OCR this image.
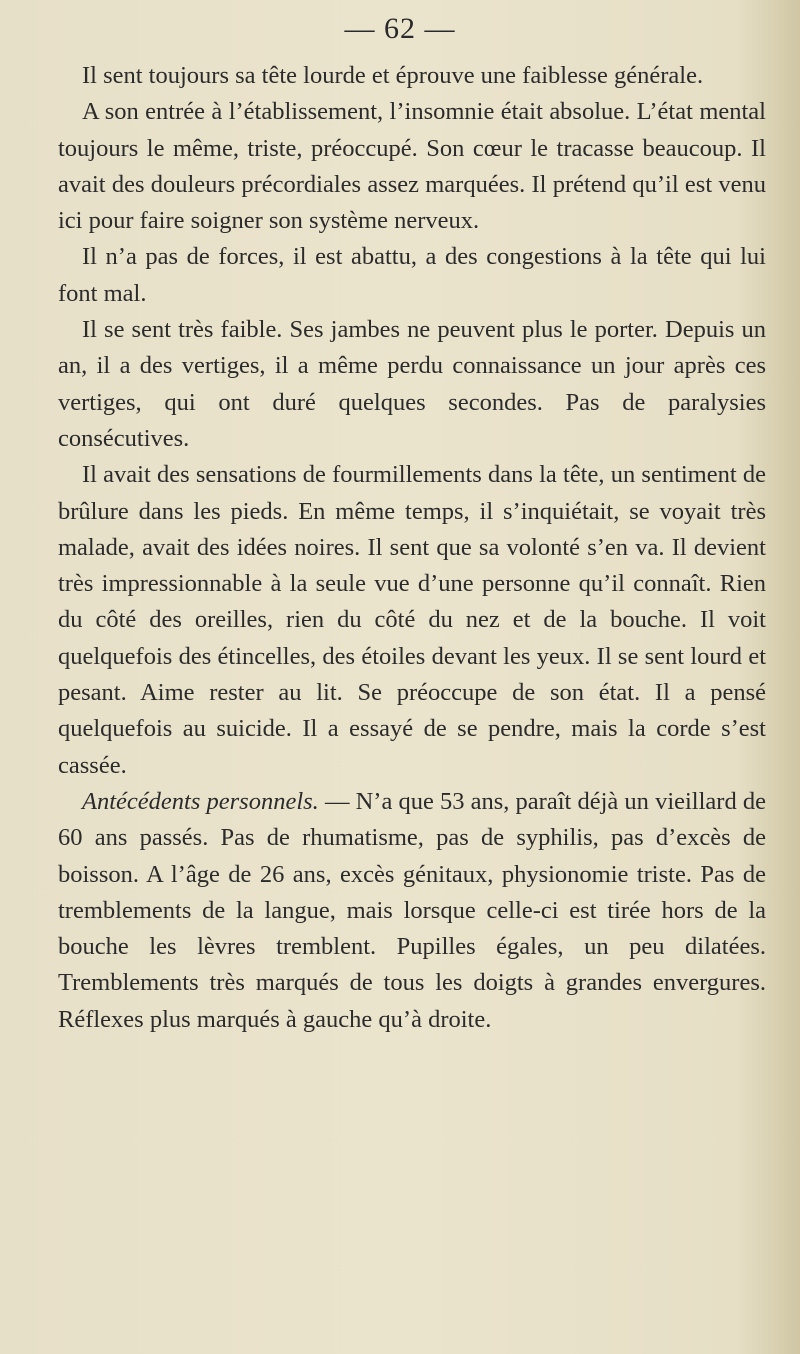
— 62 —

Il sent toujours sa tête lourde et éprouve une faiblesse générale.

A son entrée à l’établissement, l’insomnie était absolue. L’état mental toujours le même, triste, préoccupé. Son cœur le tracasse beaucoup. Il avait des douleurs précordiales assez marquées. Il prétend qu’il est venu ici pour faire soigner son système nerveux.

Il n’a pas de forces, il est abattu, a des congestions à la tête qui lui font mal.

Il se sent très faible. Ses jambes ne peuvent plus le porter. Depuis un an, il a des vertiges, il a même perdu connaissance un jour après ces vertiges, qui ont duré quelques secondes. Pas de paralysies consécutives.

Il avait des sensations de fourmillements dans la tête, un sentiment de brûlure dans les pieds. En même temps, il s’inquiétait, se voyait très malade, avait des idées noires. Il sent que sa volonté s’en va. Il devient très impressionnable à la seule vue d’une personne qu’il connaît. Rien du côté des oreilles, rien du côté du nez et de la bouche. Il voit quelquefois des étincelles, des étoiles devant les yeux. Il se sent lourd et pesant. Aime rester au lit. Se préoccupe de son état. Il a pensé quelquefois au suicide. Il a essayé de se pendre, mais la corde s’est cassée.

Antécédents personnels. — N’a que 53 ans, paraît déjà un vieillard de 60 ans passés. Pas de rhumatisme, pas de syphilis, pas d’excès de boisson. A l’âge de 26 ans, excès génitaux, physionomie triste. Pas de tremblements de la langue, mais lorsque celle-ci est tirée hors de la bouche les lèvres tremblent. Pupilles égales, un peu dilatées. Tremblements très marqués de tous les doigts à grandes envergures. Réflexes plus marqués à gauche qu’à droite.
